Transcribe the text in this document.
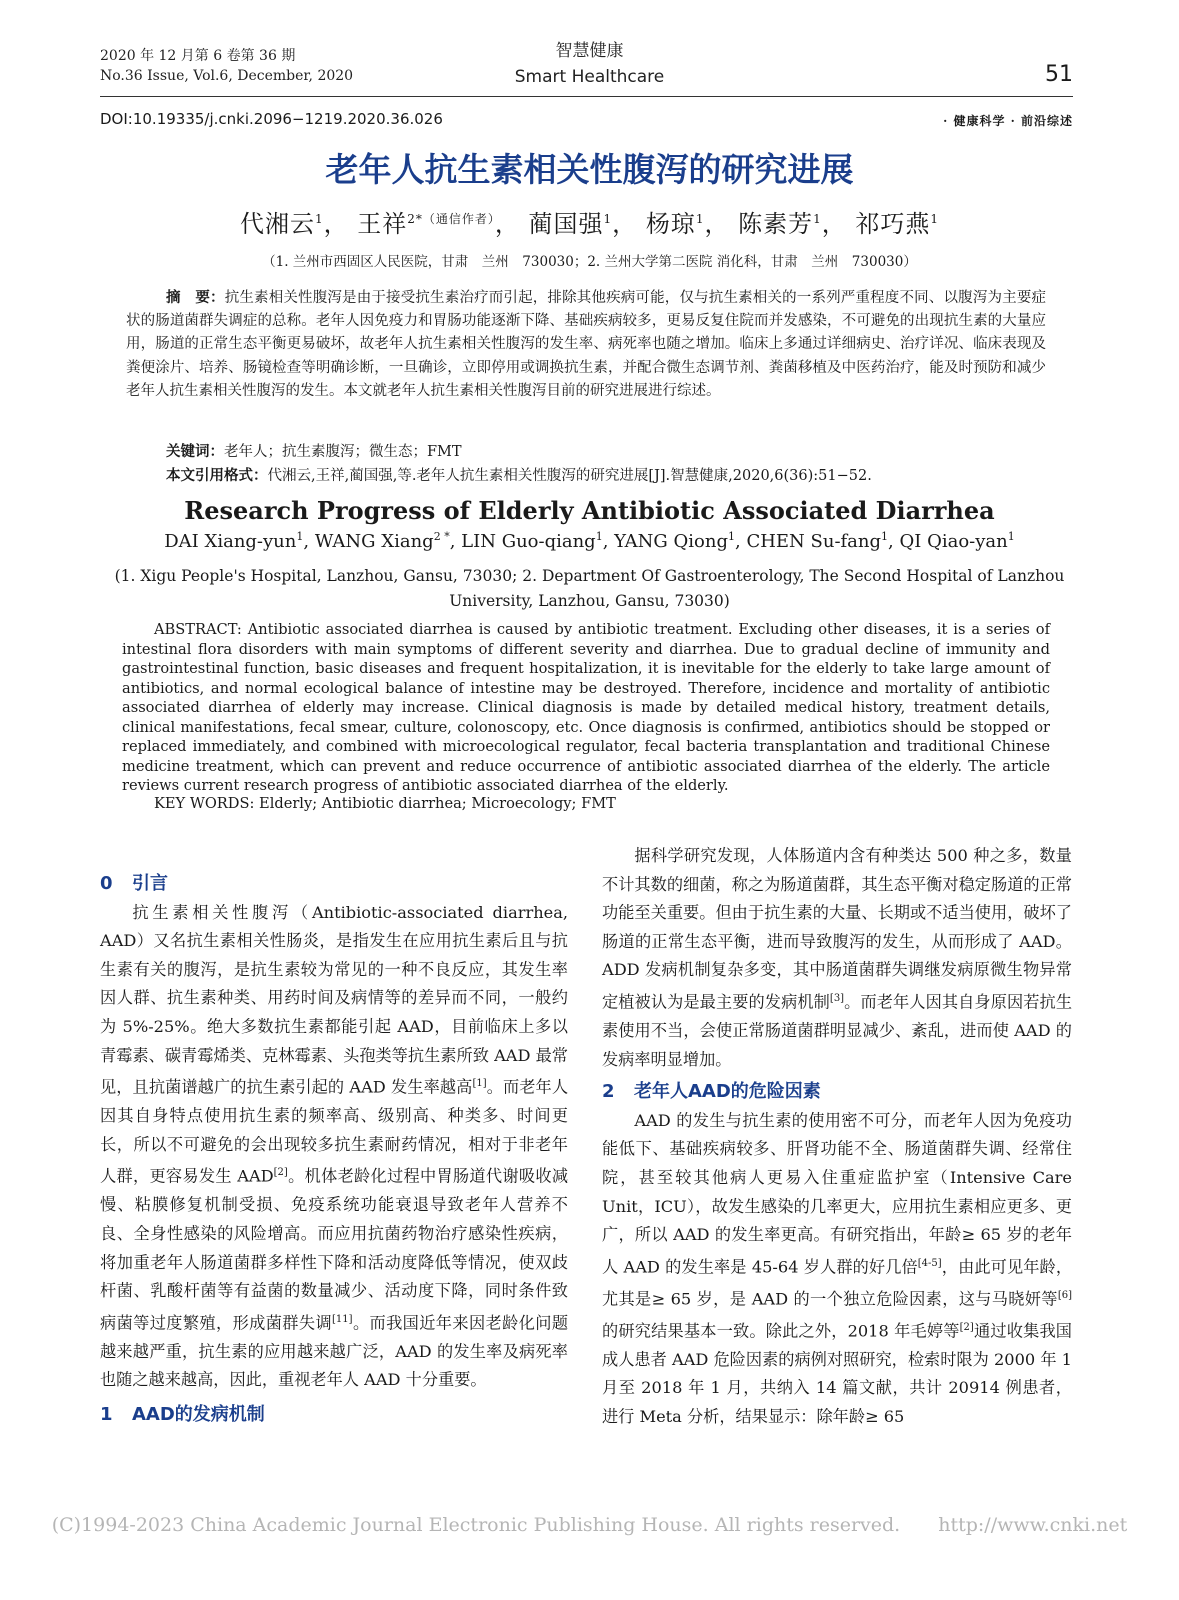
2020 年 12 月第 6 卷第 36 期
No.36 Issue, Vol.6, December, 2020
智慧健康
Smart Healthcare	51
DOI:10.19335/j.cnki.2096−1219.2020.36.026	· 健康科学 · 前沿综述
老年人抗生素相关性腹泻的研究进展
代湘云$^1$， 王祥$^{2*(通信作者)}$， 蔺国强$^1$， 杨琼$^1$， 陈素芳$^1$， 祁巧燕$^1$
（1. 兰州市西固区人民医院，甘肃　兰州　730030；2. 兰州大学第二医院 消化科，甘肃　兰州　730030）
摘　要：抗生素相关性腹泻是由于接受抗生素治疗而引起，排除其他疾病可能，仅与抗生素相关的一系列严重程度不同、以腹泻为主要症状的肠道菌群失调症的总称。老年人因免疫力和胃肠功能逐渐下降、基础疾病较多，更易反复住院而并发感染，不可避免的出现抗生素的大量应用，肠道的正常生态平衡更易破坏，故老年人抗生素相关性腹泻的发生率、病死率也随之增加。临床上多通过详细病史、治疗详况、临床表现及粪便涂片、培养、肠镜检查等明确诊断，一旦确诊，立即停用或调换抗生素，并配合微生态调节剂、粪菌移植及中医药治疗，能及时预防和减少老年人抗生素相关性腹泻的发生。本文就老年人抗生素相关性腹泻目前的研究进展进行综述。
关键词：老年人；抗生素腹泻；微生态；FMT
本文引用格式：代湘云,王祥,蔺国强,等.老年人抗生素相关性腹泻的研究进展[J].智慧健康,2020,6(36):51−52.
Research Progress of Elderly Antibiotic Associated Diarrhea
DAI Xiang-yun$^1$, WANG Xiang$^{2 *}$, LIN Guo-qiang$^1$, YANG Qiong$^1$, CHEN Su-fang$^1$, QI Qiao-yan$^1$
(1. Xigu People's Hospital, Lanzhou, Gansu, 73030; 2. Department Of Gastroenterology, The Second Hospital of Lanzhou
University, Lanzhou, Gansu, 73030)
ABSTRACT: Antibiotic associated diarrhea is caused by antibiotic treatment. Excluding other diseases, it is a series of intestinal flora disorders with main symptoms of different severity and diarrhea. Due to gradual decline of immunity and gastrointestinal function, basic diseases and frequent hospitalization, it is inevitable for the elderly to take large amount of antibiotics, and normal ecological balance of intestine may be destroyed. Therefore, incidence and mortality of antibiotic associated diarrhea of elderly may increase. Clinical diagnosis is made by detailed medical history, treatment details, clinical manifestations, fecal smear, culture, colonoscopy, etc. Once diagnosis is confirmed, antibiotics should be stopped or replaced immediately, and combined with microecological regulator, fecal bacteria transplantation and traditional Chinese medicine treatment, which can prevent and reduce occurrence of antibiotic associated diarrhea of the elderly. The article reviews current research progress of antibiotic associated diarrhea of the elderly.
KEY WORDS: Elderly; Antibiotic diarrhea; Microecology; FMT
0 引言

抗生素相关性腹泻（Antibiotic-associated diarrhea, AAD）又名抗生素相关性肠炎，是指发生在应用抗生素后且与抗生素有关的腹泻，是抗生素较为常见的一种不良反应，其发生率因人群、抗生素种类、用药时间及病情等的差异而不同，一般约为 5%-25%。绝大多数抗生素都能引起 AAD，目前临床上多以青霉素、碳青霉烯类、克林霉素、头孢类等抗生素所致 AAD 最常见，且抗菌谱越广的抗生素引起的 AAD 发生率越高[1]。而老年人因其自身特点使用抗生素的频率高、级别高、种类多、时间更长，所以不可避免的会出现较多抗生素耐药情况，相对于非老年人群，更容易发生 AAD[2]。机体老龄化过程中胃肠道代谢吸收减慢、粘膜修复机制受损、免疫系统功能衰退导致老年人营养不良、全身性感染的风险增高。而应用抗菌药物治疗感染性疾病，将加重老年人肠道菌群多样性下降和活动度降低等情况，使双歧杆菌、乳酸杆菌等有益菌的数量减少、活动度下降，同时条件致病菌等过度繁殖，形成菌群失调[11]。而我国近年来因老龄化问题越来越严重，抗生素的应用越来越广泛，AAD 的发生率及病死率也随之越来越高，因此，重视老年人 AAD 十分重要。

1 AAD的发病机制

据科学研究发现，人体肠道内含有种类达 500 种之多，数量不计其数的细菌，称之为肠道菌群，其生态平衡对稳定肠道的正常功能至关重要。但由于抗生素的大量、长期或不适当使用，破坏了肠道的正常生态平衡，进而导致腹泻的发生，从而形成了 AAD。ADD 发病机制复杂多变，其中肠道菌群失调继发病原微生物异常定植被认为是最主要的发病机制[3]。而老年人因其自身原因若抗生素使用不当，会使正常肠道菌群明显减少、紊乱，进而使 AAD 的发病率明显增加。

2 老年人AAD的危险因素

AAD 的发生与抗生素的使用密不可分，而老年人因为免疫功能低下、基础疾病较多、肝肾功能不全、肠道菌群失调、经常住院，甚至较其他病人更易入住重症监护室（Intensive Care Unit，ICU），故发生感染的几率更大，应用抗生素相应更多、更广，所以 AAD 的发生率更高。有研究指出，年龄≥ 65 岁的老年人 AAD 的发生率是 45-64 岁人群的好几倍[4-5]，由此可见年龄，尤其是≥ 65 岁，是 AAD 的一个独立危险因素，这与马晓妍等[6]的研究结果基本一致。除此之外，2018 年毛婷等[2]通过收集我国成人患者 AAD 危险因素的病例对照研究，检索时限为 2000 年 1 月至 2018 年 1 月，共纳入 14 篇文献，共计 20914 例患者，进行 Meta 分析，结果显示：除年龄≥ 65

(C)1994-2023 China Academic Journal Electronic Publishing House. All rights reserved.　　http://www.cnki.net
